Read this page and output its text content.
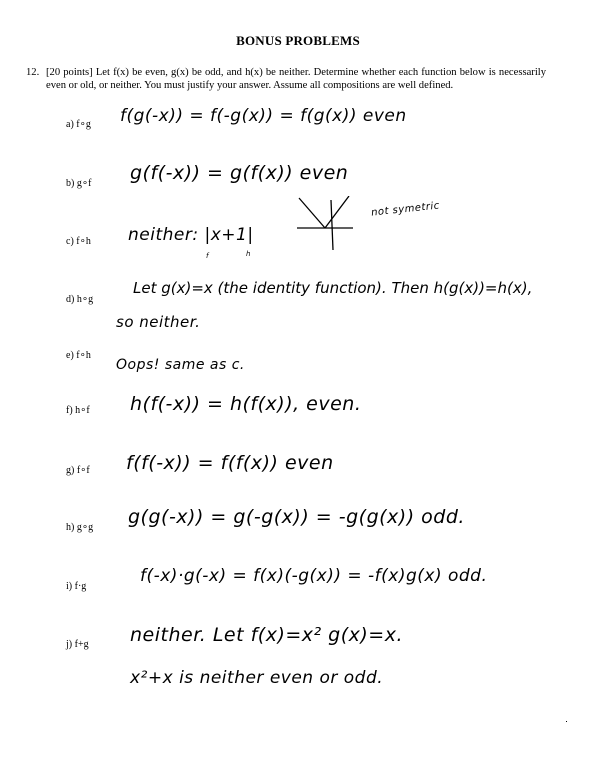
BONUS PROBLEMS
12. [20 points] Let f(x) be even, g(x) be odd, and h(x) be neither. Determine whether each function below is necessarily even or old, or neither. You must justify your answer. Assume all compositions are well defined.
a) f∘g f(g(-x)) = f(-g(x)) = f(g(x)) even
b) g∘f g(f(-x)) = g(f(x)) even
c) f∘h neither: |x+1|
f	h
not symetric
d) h∘g
Let g(x)=x (the identity function). Then h(g(x))=h(x),
so neither.
e) f∘h
Oops! same as c.
f) h∘f h(f(-x)) = h(f(x)), even.
g) f∘f f(f(-x)) = f(f(x)) even
h) g∘g g(g(-x)) = g(-g(x)) = -g(g(x)) odd.
i) f·g
f(-x)·g(-x) = f(x)(-g(x)) = -f(x)g(x) odd.
j) f+g neither. Let f(x)=x² g(x)=x.
x²+x is neither even or odd.
